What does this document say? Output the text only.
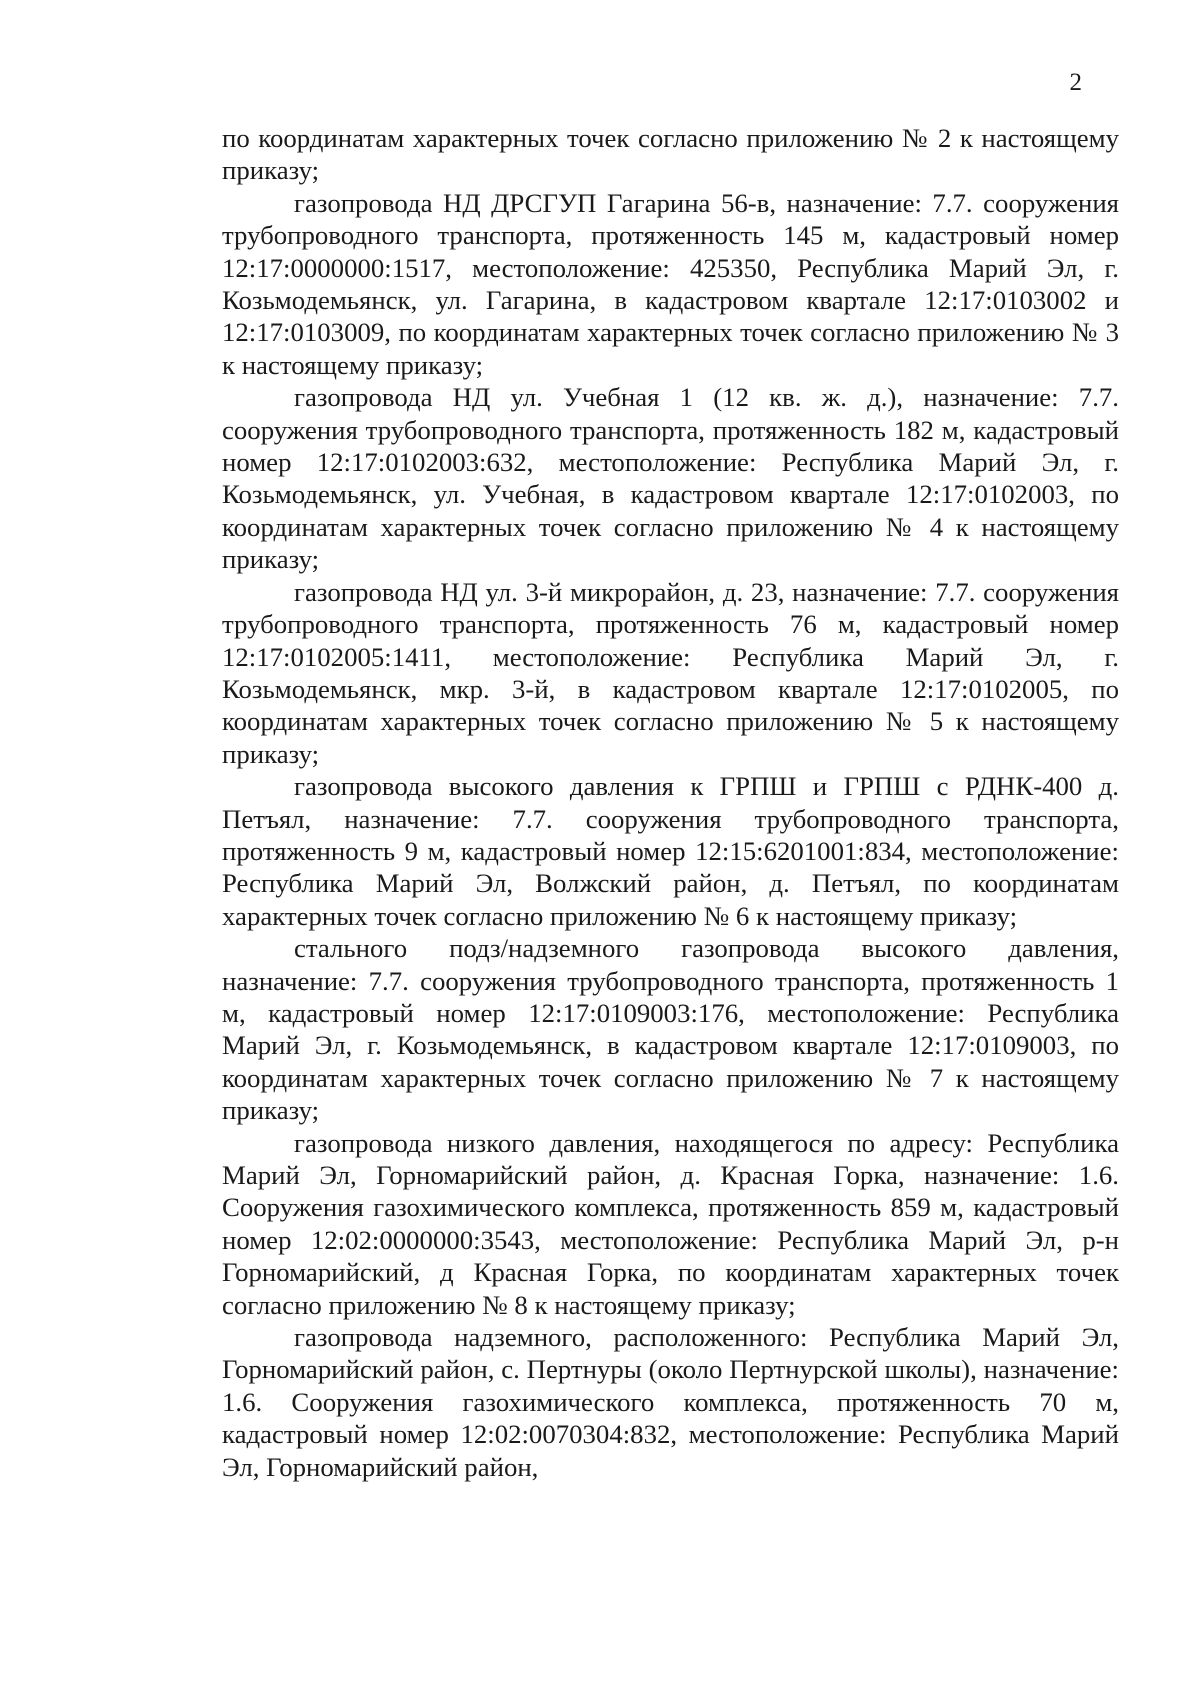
2

по координатам характерных точек согласно приложению № 2 к настоящему приказу;

газопровода НД ДРСГУП Гагарина 56-в, назначение: 7.7. сооружения трубопроводного транспорта, протяженность 145 м, кадастровый номер 12:17:0000000:1517, местоположение: 425350, Республика Марий Эл, г. Козьмодемьянск, ул. Гагарина, в кадастровом квартале 12:17:0103002 и 12:17:0103009, по координатам характерных точек согласно приложению № 3 к настоящему приказу;

газопровода НД ул. Учебная 1 (12 кв. ж. д.), назначение: 7.7. сооружения трубопроводного транспорта, протяженность 182 м, кадастровый номер 12:17:0102003:632, местоположение: Республика Марий Эл, г. Козьмодемьянск, ул. Учебная, в кадастровом квартале 12:17:0102003, по координатам характерных точек согласно приложению № 4 к настоящему приказу;

газопровода НД ул. 3-й микрорайон, д. 23, назначение: 7.7. сооружения трубопроводного транспорта, протяженность 76 м, кадастровый номер 12:17:0102005:1411, местоположение: Республика Марий Эл, г. Козьмодемьянск, мкр. 3-й, в кадастровом квартале 12:17:0102005, по координатам характерных точек согласно приложению № 5 к настоящему приказу;

газопровода высокого давления к ГРПШ и ГРПШ с РДНК-400 д. Петъял, назначение: 7.7. сооружения трубопроводного транспорта, протяженность 9 м, кадастровый номер 12:15:6201001:834, местоположение: Республика Марий Эл, Волжский район, д. Петъял, по координатам характерных точек согласно приложению № 6 к настоящему приказу;

стального подз/надземного газопровода высокого давления, назначение: 7.7. сооружения трубопроводного транспорта, протяженность 1 м, кадастровый номер 12:17:0109003:176, местоположение: Республика Марий Эл, г. Козьмодемьянск, в кадастровом квартале 12:17:0109003, по координатам характерных точек согласно приложению № 7 к настоящему приказу;

газопровода низкого давления, находящегося по адресу: Республика Марий Эл, Горномарийский район, д. Красная Горка, назначение: 1.6. Сооружения газохимического комплекса, протяженность 859 м, кадастровый номер 12:02:0000000:3543, местоположение: Республика Марий Эл, р-н Горномарийский, д Красная Горка, по координатам характерных точек согласно приложению № 8 к настоящему приказу;

газопровода надземного, расположенного: Республика Марий Эл, Горномарийский район, с. Пертнуры (около Пертнурской школы), назначение: 1.6. Сооружения газохимического комплекса, протяженность 70 м, кадастровый номер 12:02:0070304:832, местоположение: Республика Марий Эл, Горномарийский район,
